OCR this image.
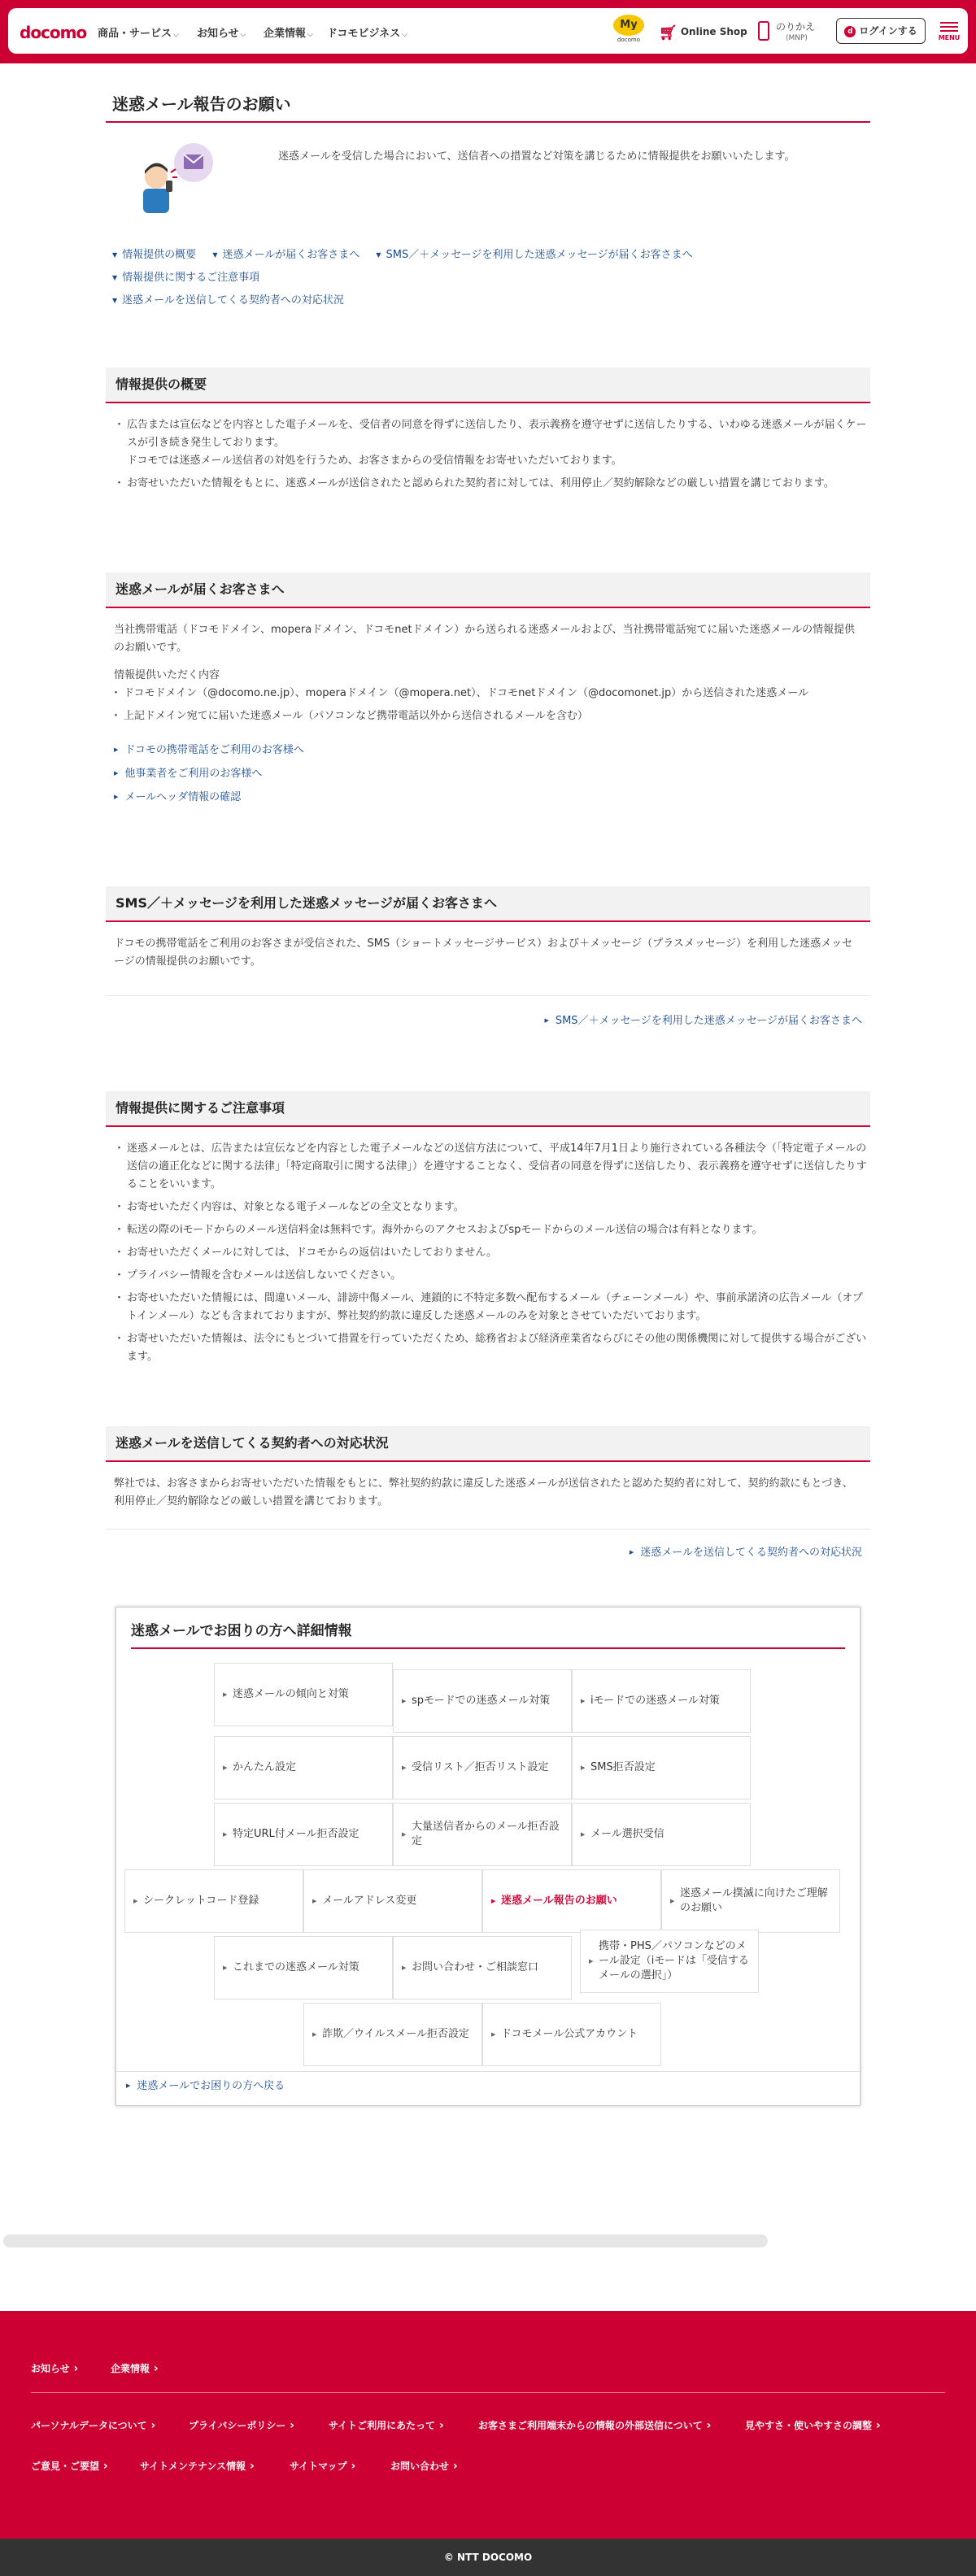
docomo 商品・サービス ⌵ お知らせ ⌵ 企業情報 ⌵ ドコモビジネス ⌵
My
docomo	🛒︎ Online Shop	のりかえ
(MNP)
d ログインする
MENU
迷惑メール報告のお願い

迷惑メールを受信した場合において、送信者への措置など対策を講じるために情報提供をお願いいたします。

▼ 情報提供の概要 ▼ 迷惑メールが届くお客さまへ ▼ SMS／＋メッセージを利用した迷惑メッセージが届くお客さまへ
▼ 情報提供に関するご注意事項
▼ 迷惑メールを送信してくる契約者への対応状況
情報提供の概要
・ 広告または宣伝などを内容とした電子メールを、受信者の同意を得ずに送信したり、表示義務を遵守せずに送信したりする、いわゆる迷惑メールが届くケースが引き続き発生しております。
ドコモでは迷惑メール送信者の対処を行うため、お客さまからの受信情報をお寄せいただいております。
・ お寄せいただいた情報をもとに、迷惑メールが送信されたと認められた契約者に対しては、利用停止／契約解除などの厳しい措置を講じております。
迷惑メールが届くお客さまへ

当社携帯電話（ドコモドメイン、moperaドメイン、ドコモnetドメイン）から送られる迷惑メールおよび、当社携帯電話宛てに届いた迷惑メールの情報提供のお願いです。

情報提供いただく内容

・ ドコモドメイン（@docomo.ne.jp）、moperaドメイン（@mopera.net）、ドコモnetドメイン（@docomonet.jp）から送信された迷惑メール
・ 上記ドメイン宛てに届いた迷惑メール（パソコンなど携帯電話以外から送信されるメールを含む）
▶ ドコモの携帯電話をご利用のお客様へ
▶ 他事業者をご利用のお客様へ
▶ メールヘッダ情報の確認
SMS／＋メッセージを利用した迷惑メッセージが届くお客さまへ

ドコモの携帯電話をご利用のお客さまが受信された、SMS（ショートメッセージサービス）および＋メッセージ（プラスメッセージ）を利用した迷惑メッセージの情報提供のお願いです。

▶ SMS／＋メッセージを利用した迷惑メッセージが届くお客さまへ
情報提供に関するご注意事項
・ 迷惑メールとは、広告または宣伝などを内容とした電子メールなどの送信方法について、平成14年7月1日より施行されている各種法令（「特定電子メールの送信の適正化などに関する法律」「特定商取引に関する法律」）を遵守することなく、受信者の同意を得ずに送信したり、表示義務を遵守せずに送信したりすることをいいます。
・ お寄せいただく内容は、対象となる電子メールなどの全文となります。
・ 転送の際のiモードからのメール送信料金は無料です。海外からのアクセスおよびspモードからのメール送信の場合は有料となります。
・ お寄せいただくメールに対しては、ドコモからの返信はいたしておりません。
・ プライバシー情報を含むメールは送信しないでください。
・ お寄せいただいた情報には、間違いメール、誹謗中傷メール、連鎖的に不特定多数へ配布するメール（チェーンメール）や、事前承諾済の広告メール（オプトインメール）なども含まれておりますが、弊社契約約款に違反した迷惑メールのみを対象とさせていただいております。
・ お寄せいただいた情報は、法令にもとづいて措置を行っていただくため、総務省および経済産業省ならびにその他の関係機関に対して提供する場合がございます。
迷惑メールを送信してくる契約者への対応状況

弊社では、お客さまからお寄せいただいた情報をもとに、弊社契約約款に違反した迷惑メールが送信されたと認めた契約者に対して、契約約款にもとづき、利用停止／契約解除などの厳しい措置を講じております。

▶ 迷惑メールを送信してくる契約者への対応状況
迷惑メールでお困りの方へ詳細情報
▶ 迷惑メールの傾向と対策
▶ spモードでの迷惑メール対策	▶ iモードでの迷惑メール対策
▶ かんたん設定	▶ 受信リスト／拒否リスト設定	▶ SMS拒否設定
▶ 特定URL付メール拒否設定
▶ 大量送信者からのメール拒否設定
▶ メール選択受信
▶ シークレットコード登録	▶ メールアドレス変更	▶ 迷惑メール報告のお願い
▶ 迷惑メール撲滅に向けたご理解のお願い
▶ これまでの迷惑メール対策	▶ お問い合わせ・ご相談窓口
▶ 携帯・PHS／パソコンなどのメール設定（iモードは「受信するメールの選択」）
▶ 詐欺／ウイルスメール拒否設定	▶ ドコモメール公式アカウント
▶ 迷惑メールでお困りの方へ戻る
お知らせ ›	企業情報 ›
パーソナルデータについて ›	プライバシーポリシー ›	サイトご利用にあたって ›	お客さまご利用端末からの情報の外部送信について ›	見やすさ・使いやすさの調整 ›
ご意見・ご要望 ›	サイトメンテナンス情報 ›	サイトマップ ›	お問い合わせ ›
© NTT DOCOMO
